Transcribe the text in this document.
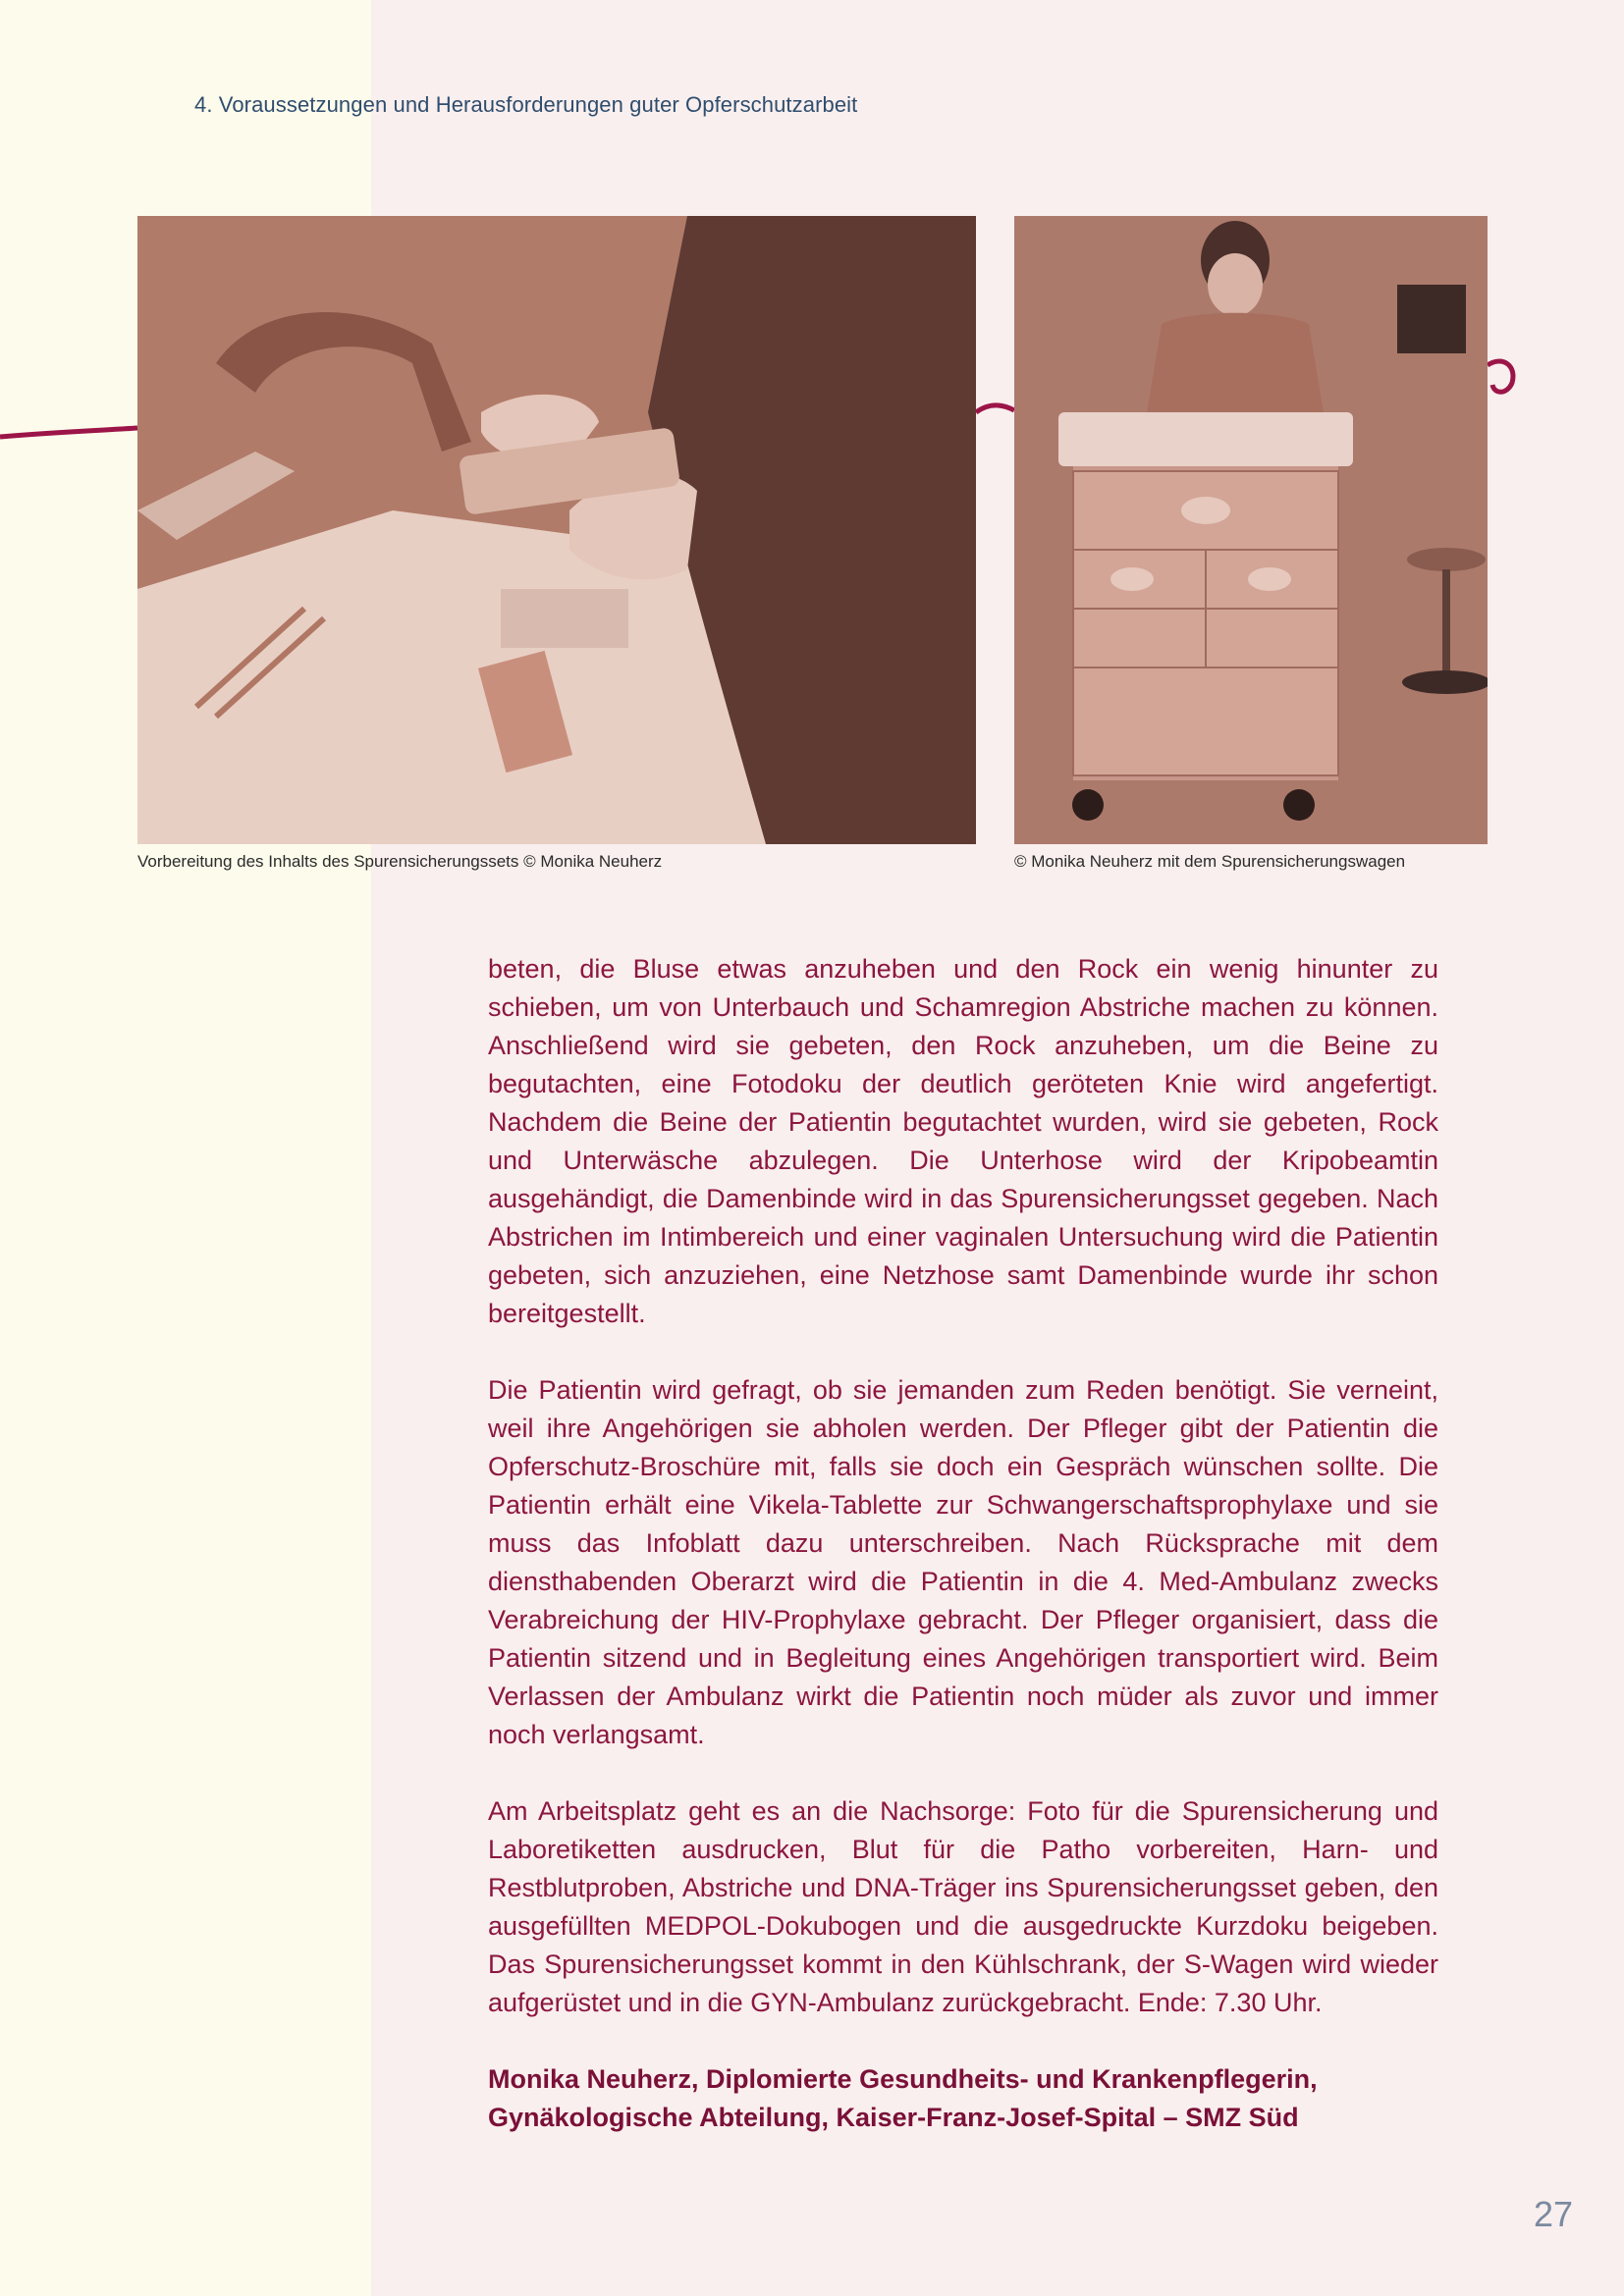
4. Voraussetzungen und Herausforderungen guter Opferschutzarbeit
Vorbereitung des Inhalts des Spurensicherungssets © Monika Neuherz	© Monika Neuherz mit dem Spurensicherungswagen

beten, die Bluse etwas anzuheben und den Rock ein wenig hinunter zu schieben, um von Unterbauch und Schamregion Abstriche machen zu können. Anschließend wird sie gebeten, den Rock anzuheben, um die Beine zu begutachten, eine Fotodoku der deutlich geröteten Knie wird angefertigt. Nachdem die Beine der Patientin begutachtet wurden, wird sie gebeten, Rock und Unterwäsche abzulegen. Die Unterhose wird der Kripobeamtin ausgehändigt, die Damenbinde wird in das Spurensicherungsset gegeben. Nach Abstrichen im Intimbereich und einer vaginalen Untersuchung wird die Patientin gebeten, sich anzuziehen, eine Netzhose samt Damenbinde wurde ihr schon bereitgestellt.

Die Patientin wird gefragt, ob sie jemanden zum Reden benötigt. Sie verneint, weil ihre Angehörigen sie abholen werden. Der Pfleger gibt der Patientin die Opferschutz-Broschüre mit, falls sie doch ein Gespräch wünschen sollte. Die Patientin erhält eine Vikela-Tablette zur Schwangerschaftsprophylaxe und sie muss das Infoblatt dazu unterschreiben. Nach Rücksprache mit dem diensthabenden Oberarzt wird die Patientin in die 4. Med-Ambulanz zwecks Verabreichung der HIV-Prophylaxe gebracht. Der Pfleger organisiert, dass die Patientin sitzend und in Begleitung eines Angehörigen transportiert wird. Beim Verlassen der Ambulanz wirkt die Patientin noch müder als zuvor und immer noch verlangsamt.

Am Arbeitsplatz geht es an die Nachsorge: Foto für die Spurensicherung und Laboretiketten ausdrucken, Blut für die Patho vorbereiten, Harn- und Restblutproben, Abstriche und DNA-Träger ins Spurensicherungsset geben, den ausgefüllten MEDPOL-Dokubogen und die ausgedruckte Kurzdoku beigeben. Das Spurensicherungsset kommt in den Kühlschrank, der S-Wagen wird wieder aufgerüstet und in die GYN-Ambulanz zurückgebracht. Ende: 7.30 Uhr.

Monika Neuherz, Diplomierte Gesundheits- und Krankenpflegerin,
Gynäkologische Abteilung, Kaiser-Franz-Josef-Spital – SMZ Süd
27
